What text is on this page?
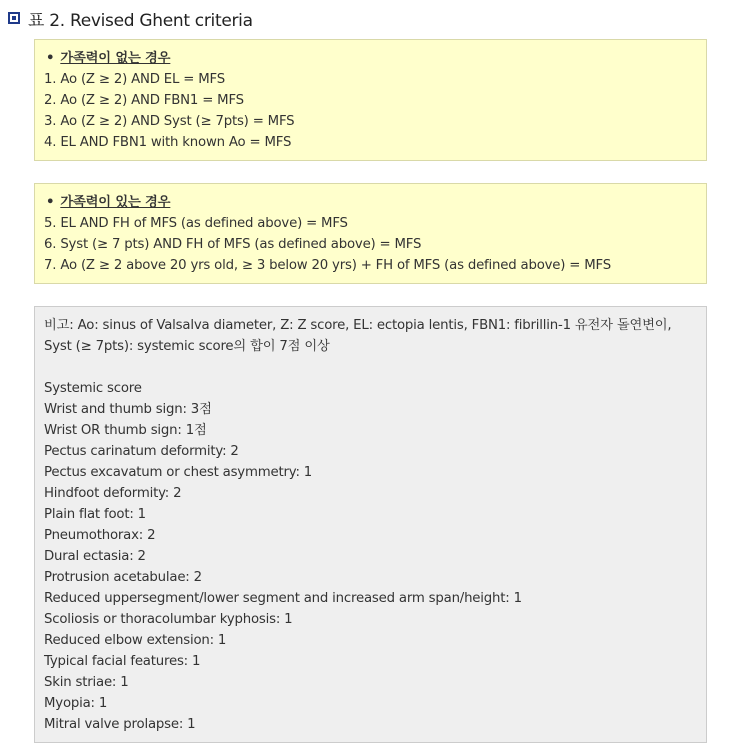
표 2. Revised Ghent criteria
• 가족력이 없는 경우
1. Ao (Z ≥ 2) AND EL = MFS
2. Ao (Z ≥ 2) AND FBN1 = MFS
3. Ao (Z ≥ 2) AND Syst (≥ 7pts) = MFS
4. EL AND FBN1 with known Ao = MFS
• 가족력이 있는 경우
5. EL AND FH of MFS (as defined above) = MFS
6. Syst (≥ 7 pts) AND FH of MFS (as defined above) = MFS
7. Ao (Z ≥ 2 above 20 yrs old, ≥ 3 below 20 yrs) + FH of MFS (as defined above) = MFS
비고: Ao: sinus of Valsalva diameter, Z: Z score, EL: ectopia lentis, FBN1: fibrillin-1 유전자 돌연변이, Syst (≥ 7pts): systemic score의 합이 7점 이상
Systemic score
Wrist and thumb sign: 3점
Wrist OR thumb sign: 1점
Pectus carinatum deformity: 2
Pectus excavatum or chest asymmetry: 1
Hindfoot deformity: 2
Plain flat foot: 1
Pneumothorax: 2
Dural ectasia: 2
Protrusion acetabulae: 2
Reduced uppersegment/lower segment and increased arm span/height: 1
Scoliosis or thoracolumbar kyphosis: 1
Reduced elbow extension: 1
Typical facial features: 1
Skin striae: 1
Myopia: 1
Mitral valve prolapse: 1
